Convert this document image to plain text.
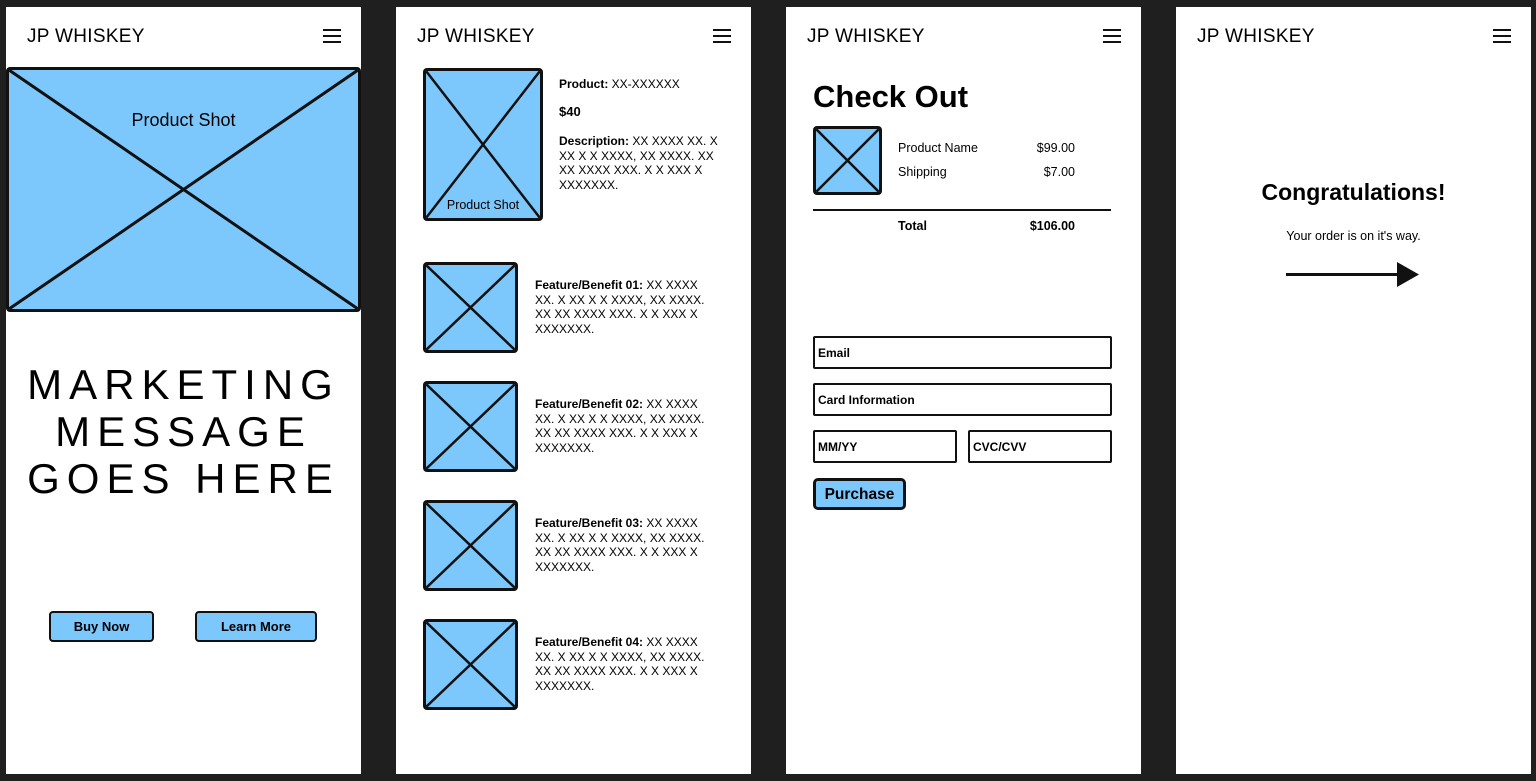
JP WHISKEY
Product Shot
MARKETING
MESSAGE
GOES HERE
Buy Now	Learn More
JP WHISKEY
Product Shot
Product: XX-XXXXXX
$40
Description: XX XXXX XX. X XX X X XXXX, XX XXXX. XX XX XXXX XXX. X X XXX X XXXXXXX.
Feature/Benefit 01: XX XXXX XX. X XX X X XXXX, XX XXXX. XX XX XXXX XXX. X X XXX X XXXXXXX.
Feature/Benefit 02: XX XXXX XX. X XX X X XXXX, XX XXXX. XX XX XXXX XXX. X X XXX X XXXXXXX.
Feature/Benefit 03: XX XXXX XX. X XX X X XXXX, XX XXXX. XX XX XXXX XXX. X X XXX X XXXXXXX.
Feature/Benefit 04: XX XXXX XX. X XX X X XXXX, XX XXXX. XX XX XXXX XXX. X X XXX X XXXXXXX.
JP WHISKEY
Check Out
Product Name	$99.00
Shipping	$7.00
Total	$106.00
Email
Card Information
MM/YY	CVC/CVV
Purchase
JP WHISKEY
Congratulations!
Your order is on it's way.
